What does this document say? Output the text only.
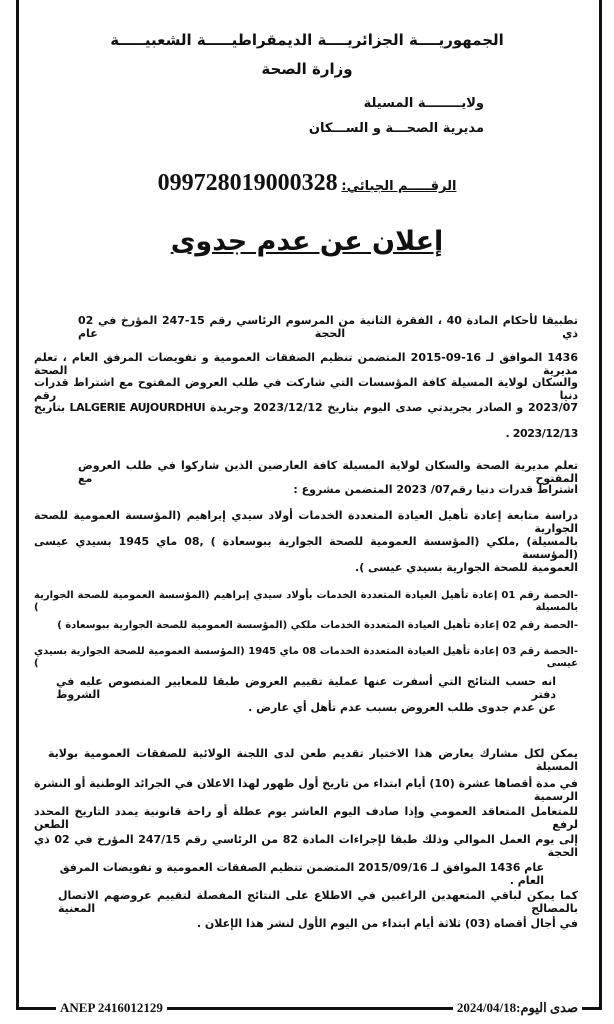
الجمهوريــــة الجزائريــــة الديمقراطيـــــة الشعبيـــــة
وزارة الصحة
ولايــــــــة المسيلة
مديرية الصحـــة و الســـكان
الرقـــــم الجبائي: 099728019000328
إعلان عن عدم جدوى
تطبيقا لأحكام المادة 40 ، الفقرة الثانية من المرسوم الرئاسي رقم 15-247 المؤرخ في 02 ذي الحجة عام
1436 الموافق لـ 16-09-2015 المتضمن تنظيم الصفقات العمومية و تفويضات المرفق العام ، تعلم مديرية الصحة
والسكان لولاية المسيلة كافة المؤسسات التي شاركت في طلب العروض المفتوح مع اشتراط قدرات دنيا رقم
2023/07 و الصادر بجريدتي صدى اليوم بتاريخ 2023/12/12 وجريدة LALGERIE AUJOURDHUI بتاريخ
2023/12/13 .
تعلم مديرية الصحة والسكان لولاية المسيلة كافة العارضين الذين شاركوا في طلب العروض المفتوح مع
اشتراط قدرات دنيا رقم07/ 2023 المتضمن مشروع :
دراسة متابعة إعادة تأهيل العيادة المتعددة الخدمات أولاد سيدي إبراهيم (المؤسسة العمومية للصحة الجوارية
بالمسيلة) ,ملكي (المؤسسة العمومية للصحة الجوارية ببوسعادة ) ,08 ماي 1945 بسيدي عيسى (المؤسسة
العمومية للصحة الجوارية بسيدي عيسى ).
-الحصة رقم 01 إعادة تأهيل العيادة المتعددة الخدمات بأولاد سيدي إبراهيم (المؤسسة العمومية للصحة الجوارية بالمسيلة )
-الحصة رقم 02 إعادة تأهيل العيادة المتعددة الخدمات ملكي (المؤسسة العمومية للصحة الجوارية ببوسعادة )
-الحصة رقم 03 إعادة تأهيل العيادة المتعددة الخدمات 08 ماي 1945 (المؤسسة العمومية للصحة الجوارية بسيدي عيسى )
انه حسب النتائج التي أسفرت عنها عملية تقييم العروض طبقا للمعايير المنصوص عليه في دفتر الشروط
عن عدم جدوى طلب العروض بسبب عدم تأهل أي عارض .
يمكن لكل مشارك يعارض هذا الاختيار تقديم طعن لدى اللجنة الولائية للصفقات العمومية بولاية المسيلة
في مدة أقصاها عشرة (10) أيام ابتداء من تاريخ أول ظهور لهذا الاعلان في الجرائد الوطنية أو النشرة الرسمية
للمتعامل المتعاقد العمومي وإذا صادف اليوم العاشر يوم عطلة أو راحة قانونية يمدد التاريخ المحدد لرفع الطعن
إلى يوم العمل الموالي وذلك طبقا لإجراءات المادة 82 من الرئاسي رقم 247/15 المؤرخ في 02 ذي الحجة
عام 1436 الموافق لـ 2015/09/16 المتضمن تنظيم الصفقات العمومية و تفويضات المرفق العام .
كما يمكن لباقي المتعهدين الراغبين في الاطلاع على النتائج المفصلة لتقييم عروضهم الاتصال بالمصالح المعنية
في أجال أقصاه (03) ثلاثة أيام ابتداء من اليوم الأول لنشر هذا الإعلان .
ANEP 2416012129	صدى اليوم:2024/04/18
